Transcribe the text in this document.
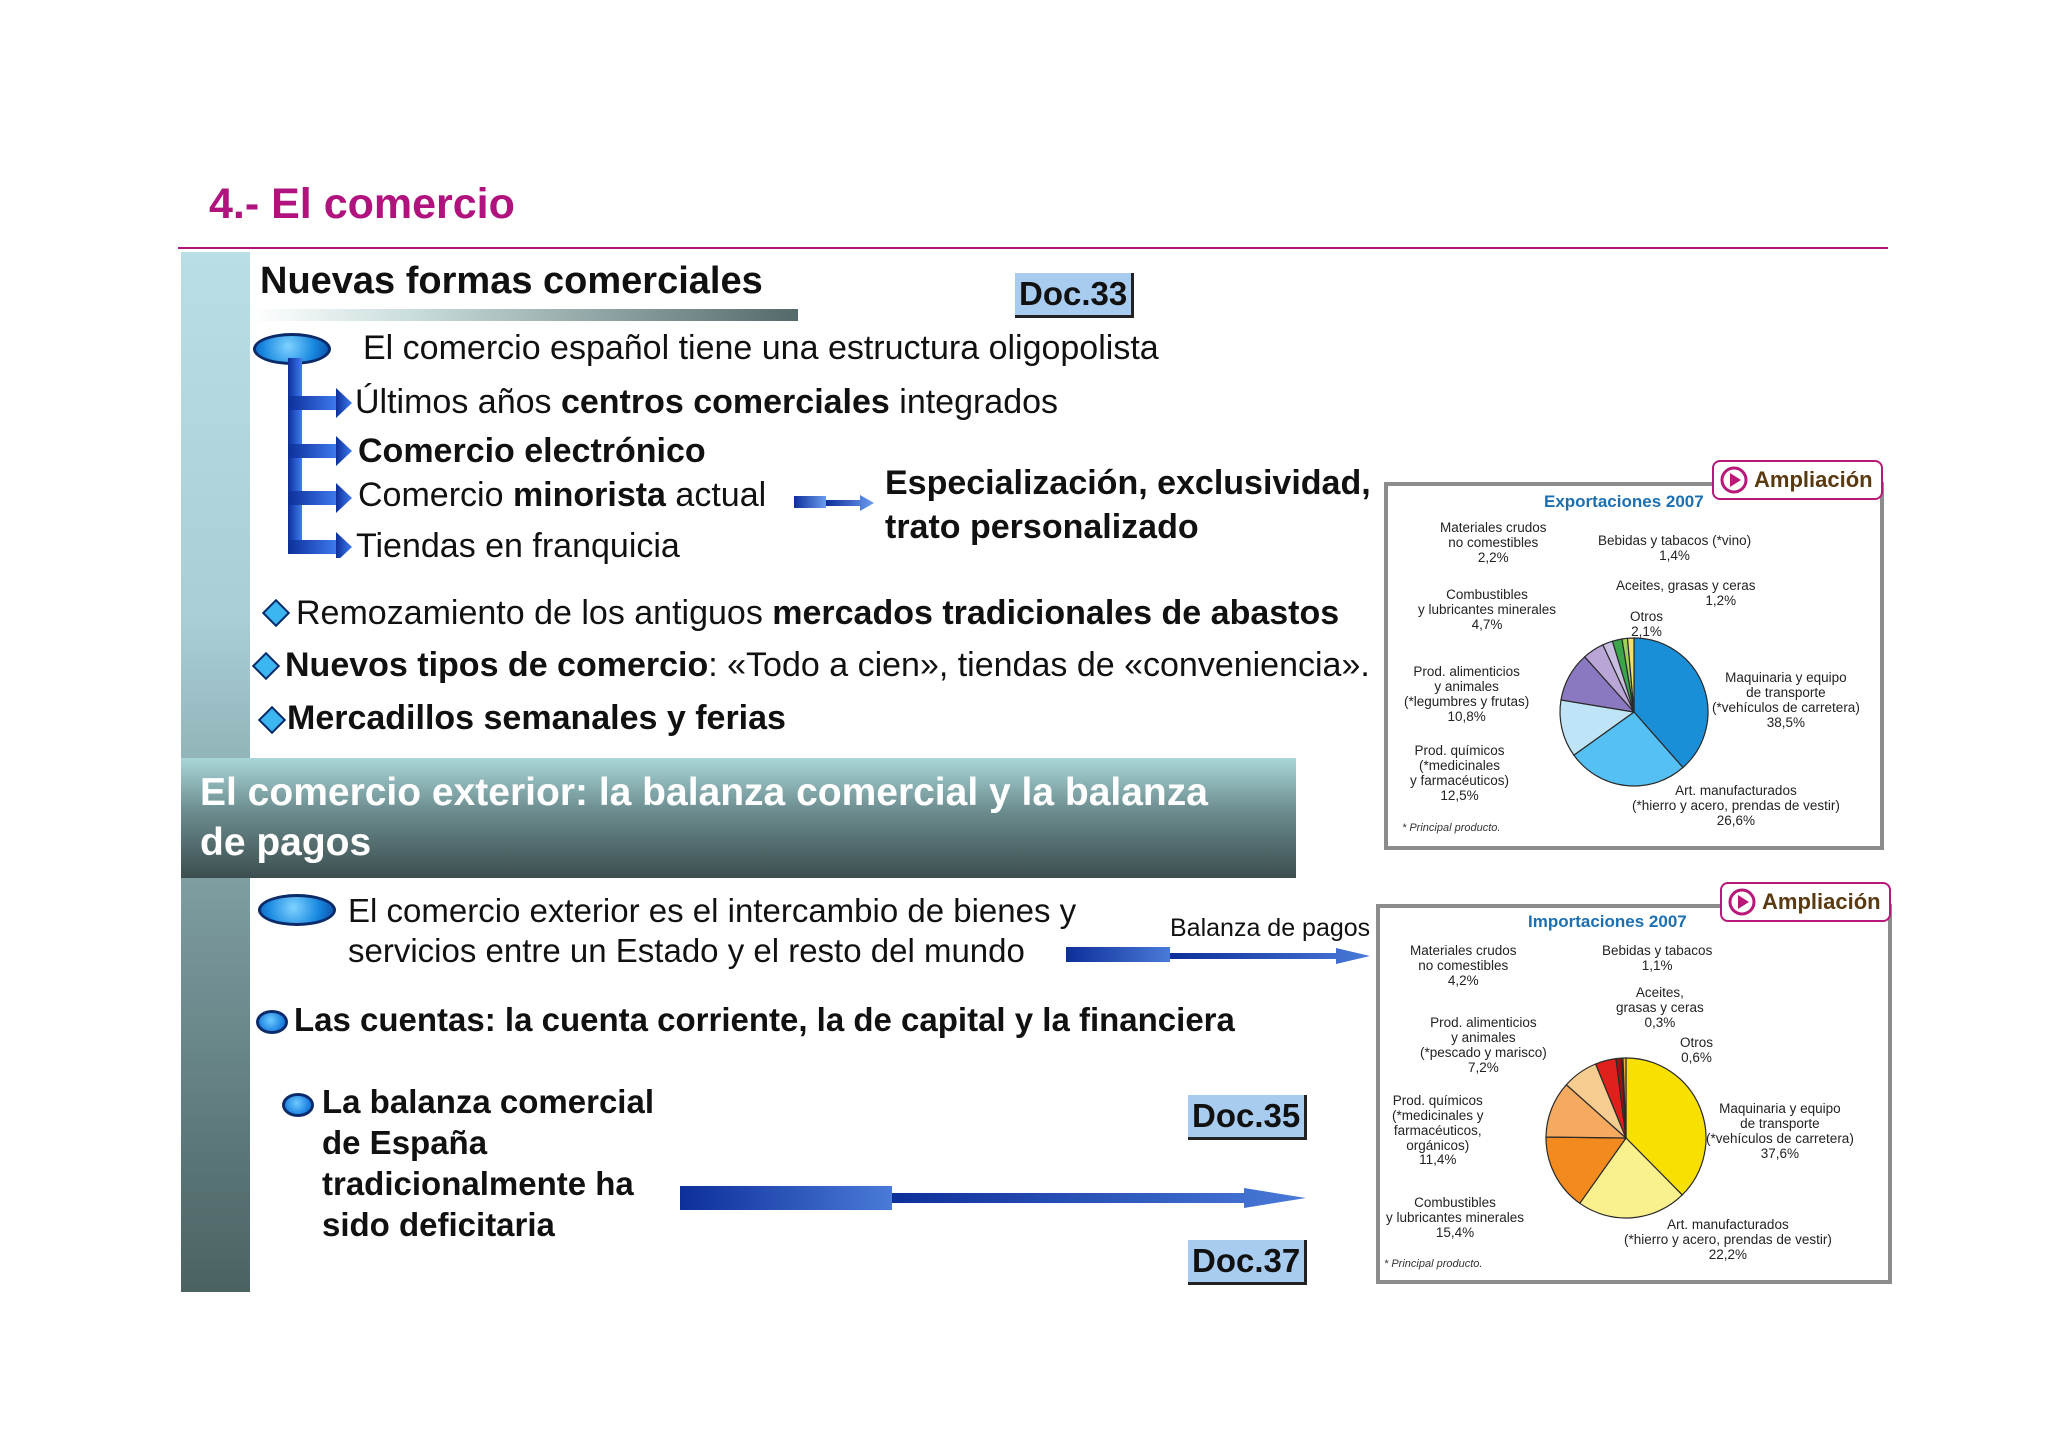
4.- El comercio
Nuevas formas comerciales	Doc.33
El comercio español tiene una estructura oligopolista
Últimos años centros comerciales integrados
Comercio electrónico
Comercio minorista actual
Tiendas en franquicia
Especialización, exclusividad,
trato personalizado
Remozamiento de los antiguos mercados tradicionales de abastos
Nuevos tipos de comercio: «Todo a cien», tiendas de «conveniencia».
Mercadillos semanales y ferias
El comercio exterior: la balanza comercial y la balanza
de pagos
El comercio exterior es el intercambio de bienes y
servicios entre un Estado y el resto del mundo
Balanza de pagos
Las cuentas: la cuenta corriente, la de capital y la financiera
La balanza comercial
de España
tradicionalmente ha
sido deficitaria
Doc.35
Doc.37
Exportaciones 2007
Materiales crudos
no comestibles
2,2%
Bebidas y tabacos (*vino)
1,4%
Aceites, grasas y ceras
1,2%
Otros
2,1%
Combustibles
y lubricantes minerales
4,7%
Prod. alimenticios
y animales
(*legumbres y frutas)
10,8%
Maquinaria y equipo
de transporte
(*vehículos de carretera)
38,5%
Prod. químicos
(*medicinales
y farmacéuticos)
12,5%	Art. manufacturados
(*hierro y acero, prendas de vestir)
26,6%
* Principal producto.
Ampliación
Importaciones 2007
Materiales crudos
no comestibles
4,2%
Bebidas y tabacos
1,1%
Aceites,
grasas y ceras
0,3%
Prod. alimenticios
y animales
(*pescado y marisco)
7,2%
Otros
0,6%
Prod. químicos
(*medicinales y
farmacéuticos,
orgánicos)
11,4%
Maquinaria y equipo
de transporte
(*vehículos de carretera)
37,6%
Combustibles
y lubricantes minerales
15,4%
Art. manufacturados
(*hierro y acero, prendas de vestir)
22,2%
* Principal producto.
Ampliación
